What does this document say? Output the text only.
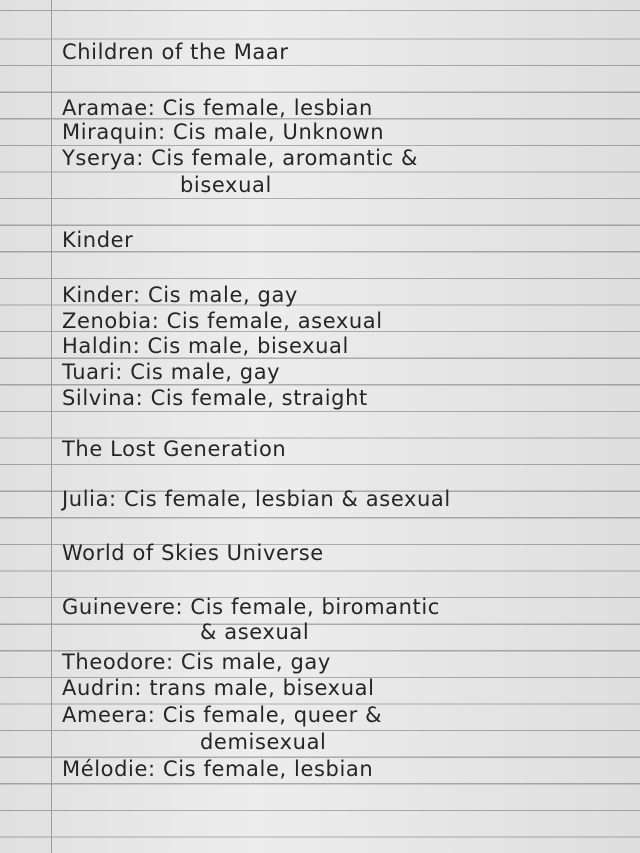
Children of the Maar
Aramae: Cis female, lesbian
Miraquin: Cis male, Unknown
Yserya: Cis female, aromantic &
bisexual
Kinder
Kinder: Cis male, gay
Zenobia: Cis female, asexual
Haldin: Cis male, bisexual
Tuari: Cis male, gay
Silvina: Cis female, straight
The Lost Generation
Julia: Cis female, lesbian & asexual
World of Skies Universe
Guinevere: Cis female, biromantic
& asexual
Theodore: Cis male, gay
Audrin: trans male, bisexual
Ameera: Cis female, queer &
demisexual
Mélodie: Cis female, lesbian
